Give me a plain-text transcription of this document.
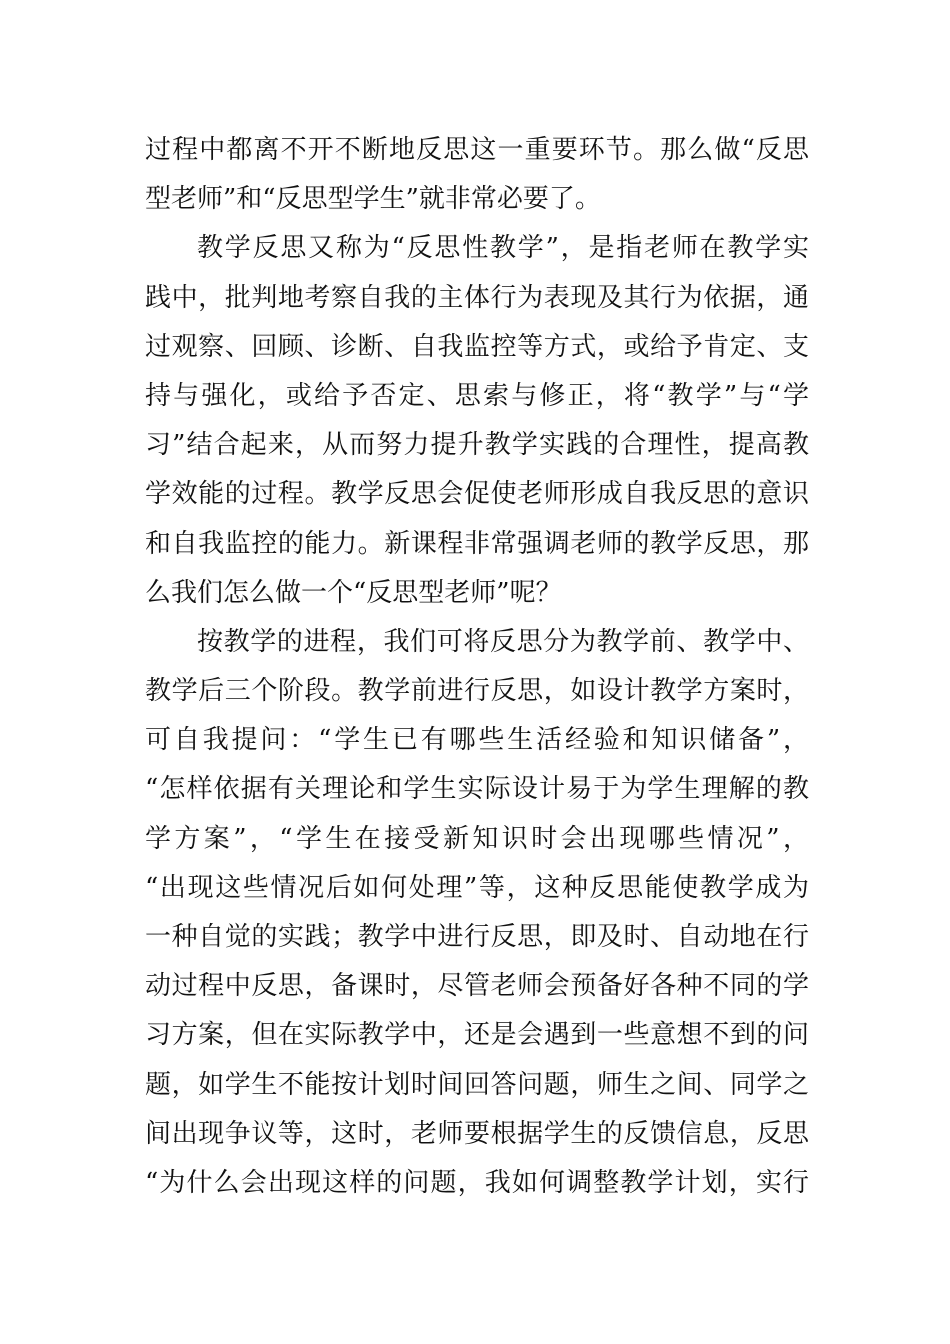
过程中都离不开不断地反思这一重要环节。那么做“反思
型老师”和“反思型学生”就非常必要了。
教学反思又称为“反思性教学”，是指老师在教学实
践中，批判地考察自我的主体行为表现及其行为依据，通
过观察、回顾、诊断、自我监控等方式，或给予肯定、支
持与强化，或给予否定、思索与修正，将“教学”与“学
习”结合起来，从而努力提升教学实践的合理性，提高教
学效能的过程。教学反思会促使老师形成自我反思的意识
和自我监控的能力。新课程非常强调老师的教学反思，那
么我们怎么做一个“反思型老师”呢？
按教学的进程，我们可将反思分为教学前、教学中、
教学后三个阶段。教学前进行反思，如设计教学方案时，
可自我提问：“学生已有哪些生活经验和知识储备”，
“怎样依据有关理论和学生实际设计易于为学生理解的教
学方案”，“学生在接受新知识时会出现哪些情况”，
“出现这些情况后如何处理”等，这种反思能使教学成为
一种自觉的实践；教学中进行反思，即及时、自动地在行
动过程中反思，备课时，尽管老师会预备好各种不同的学
习方案，但在实际教学中，还是会遇到一些意想不到的问
题，如学生不能按计划时间回答问题，师生之间、同学之
间出现争议等，这时，老师要根据学生的反馈信息，反思
“为什么会出现这样的问题，我如何调整教学计划，实行
